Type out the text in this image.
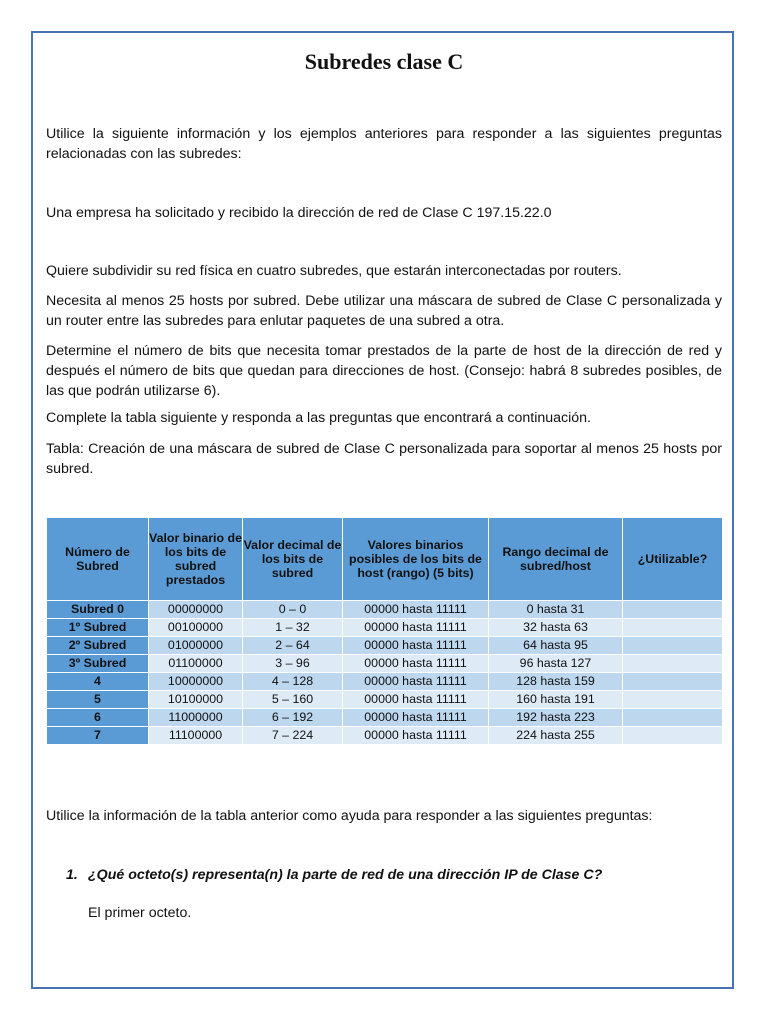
Subredes clase C

Utilice la siguiente información y los ejemplos anteriores para responder a las siguientes preguntas relacionadas con las subredes:

Una empresa ha solicitado y recibido la dirección de red de Clase C 197.15.22.0

Quiere subdividir su red física en cuatro subredes, que estarán interconectadas por routers.

Necesita al menos 25 hosts por subred. Debe utilizar una máscara de subred de Clase C personalizada y un router entre las subredes para enlutar paquetes de una subred a otra.

Determine el número de bits que necesita tomar prestados de la parte de host de la dirección de red y después el número de bits que quedan para direcciones de host. (Consejo: habrá 8 subredes posibles, de las que podrán utilizarse 6).

Complete la tabla siguiente y responda a las preguntas que encontrará a continuación.

Tabla: Creación de una máscara de subred de Clase C personalizada para soportar al menos 25 hosts por subred.

Número de Subred	Valor binario de los bits de subred prestados	Valor decimal de los bits de subred	Valores binarios posibles de los bits de host (rango) (5 bits)	Rango decimal de subred/host	¿Utilizable?
Subred 0	00000000	0 – 0	00000 hasta 11111	0 hasta 31	
1º Subred	00100000	1 – 32	00000 hasta 11111	32 hasta 63	
2º Subred	01000000	2 – 64	00000 hasta 11111	64 hasta 95	
3º Subred	01100000	3 – 96	00000 hasta 11111	96 hasta 127	
4	10000000	4 – 128	00000 hasta 11111	128 hasta 159	
5	10100000	5 – 160	00000 hasta 11111	160 hasta 191	
6	11000000	6 – 192	00000 hasta 11111	192 hasta 223	
7	11100000	7 – 224	00000 hasta 11111	224 hasta 255	

Utilice la información de la tabla anterior como ayuda para responder a las siguientes preguntas:

1. ¿Qué octeto(s) representa(n) la parte de red de una dirección IP de Clase C?
El primer octeto.
